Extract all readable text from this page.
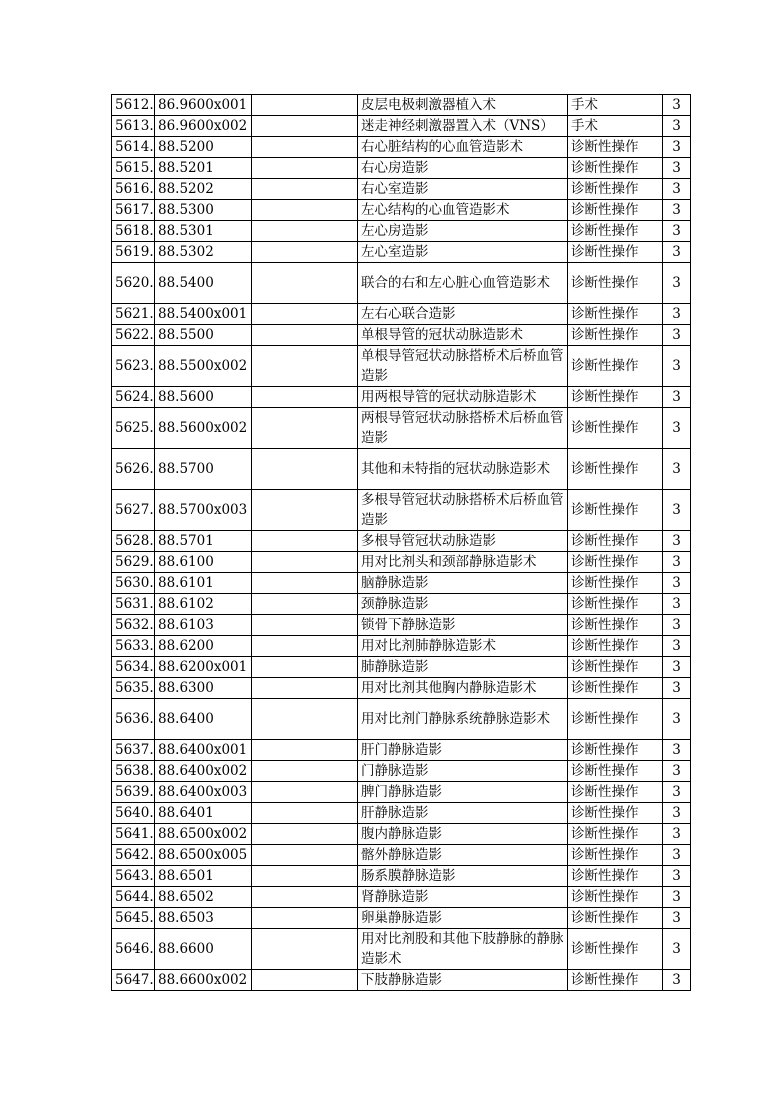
5612.	86.9600x001		皮层电极刺激器植入术	手术	3
5613.	86.9600x002		迷走神经刺激器置入术（VNS）	手术	3
5614.	88.5200		右心脏结构的心血管造影术	诊断性操作	3
5615.	88.5201		右心房造影	诊断性操作	3
5616.	88.5202		右心室造影	诊断性操作	3
5617.	88.5300		左心结构的心血管造影术	诊断性操作	3
5618.	88.5301		左心房造影	诊断性操作	3
5619.	88.5302		左心室造影	诊断性操作	3
5620.	88.5400		联合的右和左心脏心血管造影术	诊断性操作	3
5621.	88.5400x001		左右心联合造影	诊断性操作	3
5622.	88.5500		单根导管的冠状动脉造影术	诊断性操作	3
5623.	88.5500x002		单根导管冠状动脉搭桥术后桥血管造影	诊断性操作	3
5624.	88.5600		用两根导管的冠状动脉造影术	诊断性操作	3
5625.	88.5600x002		两根导管冠状动脉搭桥术后桥血管造影	诊断性操作	3
5626.	88.5700		其他和未特指的冠状动脉造影术	诊断性操作	3
5627.	88.5700x003		多根导管冠状动脉搭桥术后桥血管造影	诊断性操作	3
5628.	88.5701		多根导管冠状动脉造影	诊断性操作	3
5629.	88.6100		用对比剂头和颈部静脉造影术	诊断性操作	3
5630.	88.6101		脑静脉造影	诊断性操作	3
5631.	88.6102		颈静脉造影	诊断性操作	3
5632.	88.6103		锁骨下静脉造影	诊断性操作	3
5633.	88.6200		用对比剂肺静脉造影术	诊断性操作	3
5634.	88.6200x001		肺静脉造影	诊断性操作	3
5635.	88.6300		用对比剂其他胸内静脉造影术	诊断性操作	3
5636.	88.6400		用对比剂门静脉系统静脉造影术	诊断性操作	3
5637.	88.6400x001		肝门静脉造影	诊断性操作	3
5638.	88.6400x002		门静脉造影	诊断性操作	3
5639.	88.6400x003		脾门静脉造影	诊断性操作	3
5640.	88.6401		肝静脉造影	诊断性操作	3
5641.	88.6500x002		腹内静脉造影	诊断性操作	3
5642.	88.6500x005		髂外静脉造影	诊断性操作	3
5643.	88.6501		肠系膜静脉造影	诊断性操作	3
5644.	88.6502		肾静脉造影	诊断性操作	3
5645.	88.6503		卵巢静脉造影	诊断性操作	3
5646.	88.6600		用对比剂股和其他下肢静脉的静脉造影术	诊断性操作	3
5647.	88.6600x002		下肢静脉造影	诊断性操作	3
